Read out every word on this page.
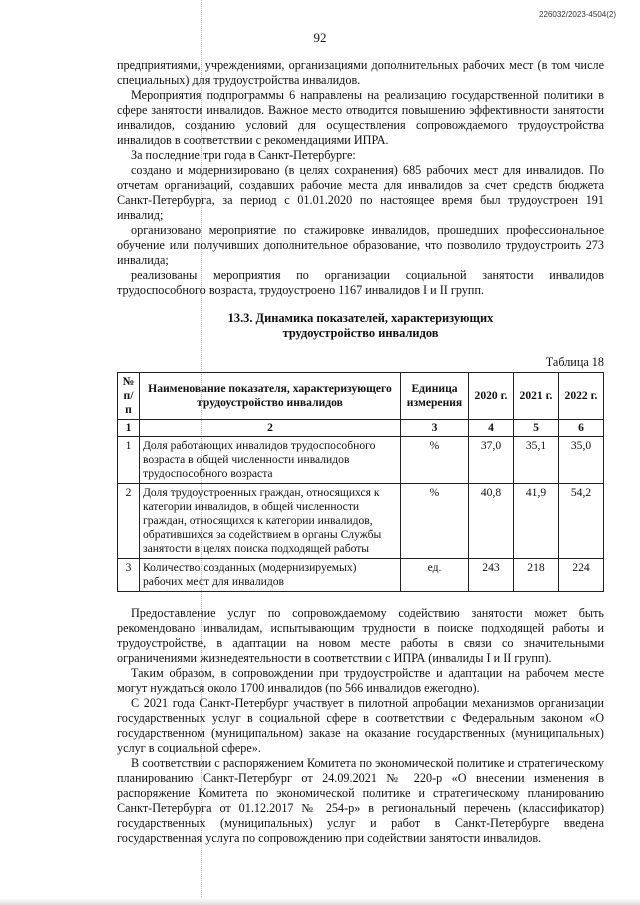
226032/2023-4504(2)
92

предприятиями, учреждениями, организациями дополнительных рабочих мест (в том числе специальных) для трудоустройства инвалидов.

Мероприятия подпрограммы 6 направлены на реализацию государственной политики в сфере занятости инвалидов. Важное место отводится повышению эффективности занятости инвалидов, созданию условий для осуществления сопровождаемого трудоустройства инвалидов в соответствии с рекомендациями ИПРА.

За последние три года в Санкт-Петербурге:

создано и модернизировано (в целях сохранения) 685 рабочих мест для инвалидов. По отчетам организаций, создавших рабочие места для инвалидов за счет средств бюджета Санкт-Петербурга, за период с 01.01.2020 по настоящее время был трудоустроен 191 инвалид;

организовано мероприятие по стажировке инвалидов, прошедших профессиональное обучение или получивших дополнительное образование, что позволило трудоустроить 273 инвалида;

реализованы мероприятия по организации социальной занятости инвалидов трудоспособного возраста, трудоустроено 1167 инвалидов I и II групп.

13.3. Динамика показателей, характеризующих
трудоустройство инвалидов
Таблица 18
№ п/п	Наименование показателя, характеризующего трудоустройство инвалидов	Единица измерения	2020 г.	2021 г.	2022 г.
1	2	3	4	5	6
1	Доля работающих инвалидов трудоспособного возраста в общей численности инвалидов трудоспособного возраста	%	37,0	35,1	35,0
2	Доля трудоустроенных граждан, относящихся к категории инвалидов, в общей численности граждан, относящихся к категории инвалидов, обратившихся за содействием в органы Службы занятости в целях поиска подходящей работы	%	40,8	41,9	54,2
3	Количество созданных (модернизируемых) рабочих мест для инвалидов	ед.	243	218	224

Предоставление услуг по сопровождаемому содействию занятости может быть рекомендовано инвалидам, испытывающим трудности в поиске подходящей работы и трудоустройстве, в адаптации на новом месте работы в связи со значительными ограничениями жизнедеятельности в соответствии с ИПРА (инвалиды I и II групп).

Таким образом, в сопровождении при трудоустройстве и адаптации на рабочем месте могут нуждаться около 1700 инвалидов (по 566 инвалидов ежегодно).

С 2021 года Санкт-Петербург участвует в пилотной апробации механизмов организации государственных услуг в социальной сфере в соответствии с Федеральным законом «О государственном (муниципальном) заказе на оказание государственных (муниципальных) услуг в социальной сфере».

В соответствии с распоряжением Комитета по экономической политике и стратегическому планированию Санкт-Петербург от 24.09.2021 № 220-р «О внесении изменения в распоряжение Комитета по экономической политике и стратегическому планированию Санкт-Петербурга от 01.12.2017 № 254-р» в региональный перечень (классификатор) государственных (муниципальных) услуг и работ в Санкт-Петербурге введена государственная услуга по сопровождению при содействии занятости инвалидов.
